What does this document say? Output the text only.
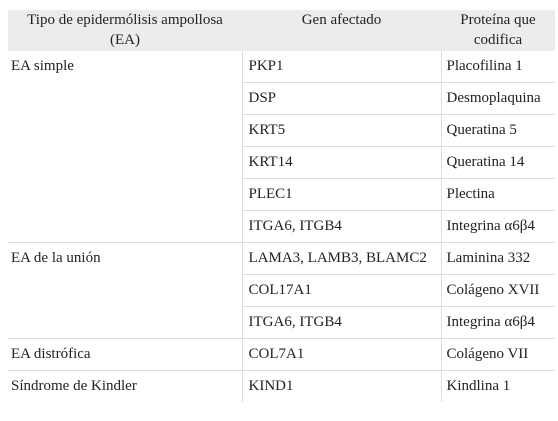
Tipo de epidermólisis ampollosa (EA)	Gen afectado	Proteína que codifica
EA simple	PKP1	Placofilina 1
	DSP	Desmoplaquina
	KRT5	Queratina 5
	KRT14	Queratina 14
	PLEC1	Plectina
	ITGA6, ITGB4	Integrina α6β4
EA de la unión	LAMA3, LAMB3, BLAMC2	Laminina 332
	COL17A1	Colágeno XVII
	ITGA6, ITGB4	Integrina α6β4
EA distrófica	COL7A1	Colágeno VII
Síndrome de Kindler	KIND1	Kindlina 1
